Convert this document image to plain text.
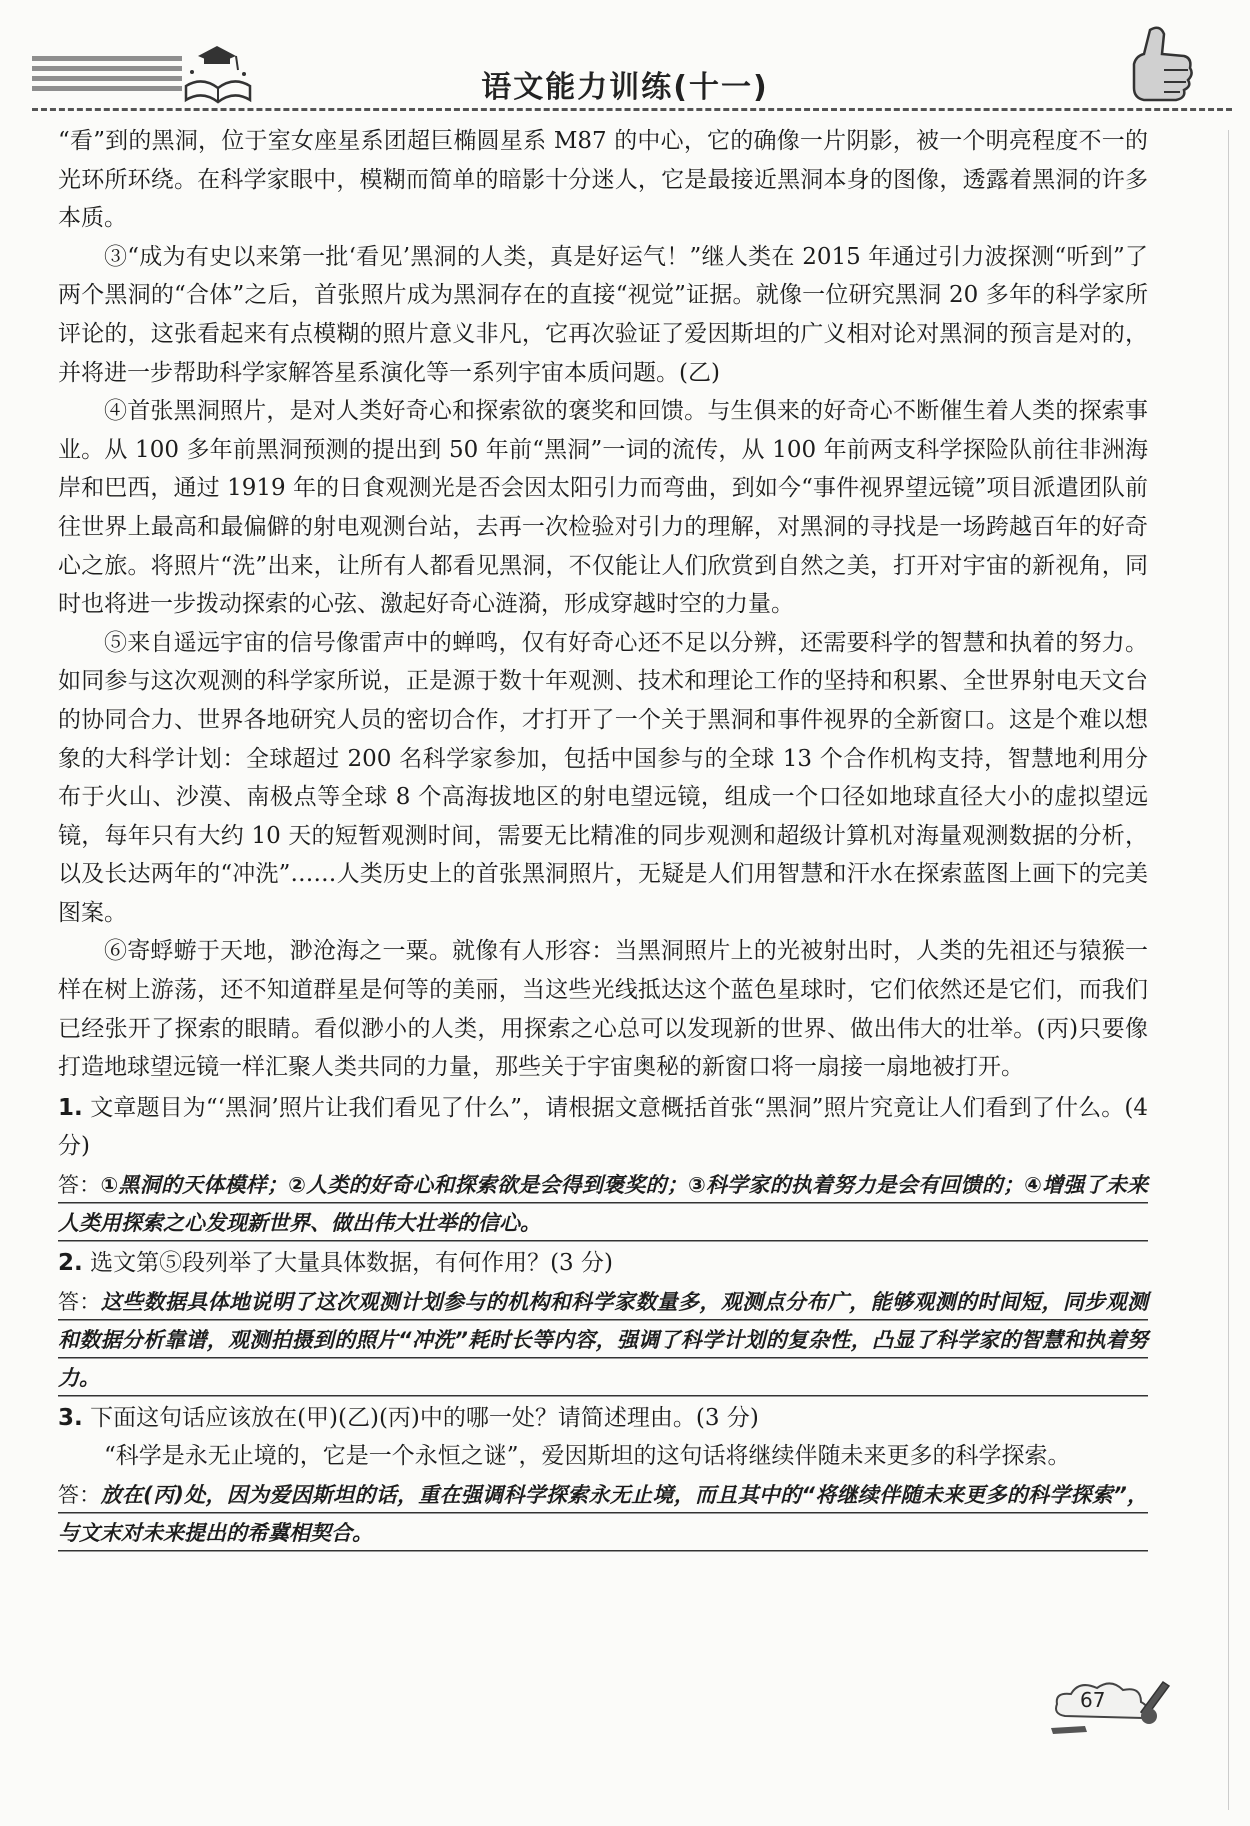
语文能力训练(十一)

“看”到的黑洞，位于室女座星系团超巨椭圆星系 M87 的中心，它的确像一片阴影，被一个明亮程度不一的光环所环绕。在科学家眼中，模糊而简单的暗影十分迷人，它是最接近黑洞本身的图像，透露着黑洞的许多本质。

③“成为有史以来第一批‘看见’黑洞的人类，真是好运气！”继人类在 2015 年通过引力波探测“听到”了两个黑洞的“合体”之后，首张照片成为黑洞存在的直接“视觉”证据。就像一位研究黑洞 20 多年的科学家所评论的，这张看起来有点模糊的照片意义非凡，它再次验证了爱因斯坦的广义相对论对黑洞的预言是对的，并将进一步帮助科学家解答星系演化等一系列宇宙本质问题。(乙)

④首张黑洞照片，是对人类好奇心和探索欲的褒奖和回馈。与生俱来的好奇心不断催生着人类的探索事业。从 100 多年前黑洞预测的提出到 50 年前“黑洞”一词的流传，从 100 年前两支科学探险队前往非洲海岸和巴西，通过 1919 年的日食观测光是否会因太阳引力而弯曲，到如今“事件视界望远镜”项目派遣团队前往世界上最高和最偏僻的射电观测台站，去再一次检验对引力的理解，对黑洞的寻找是一场跨越百年的好奇心之旅。将照片“洗”出来，让所有人都看见黑洞，不仅能让人们欣赏到自然之美，打开对宇宙的新视角，同时也将进一步拨动探索的心弦、激起好奇心涟漪，形成穿越时空的力量。

⑤来自遥远宇宙的信号像雷声中的蝉鸣，仅有好奇心还不足以分辨，还需要科学的智慧和执着的努力。如同参与这次观测的科学家所说，正是源于数十年观测、技术和理论工作的坚持和积累、全世界射电天文台的协同合力、世界各地研究人员的密切合作，才打开了一个关于黑洞和事件视界的全新窗口。这是个难以想象的大科学计划：全球超过 200 名科学家参加，包括中国参与的全球 13 个合作机构支持，智慧地利用分布于火山、沙漠、南极点等全球 8 个高海拔地区的射电望远镜，组成一个口径如地球直径大小的虚拟望远镜，每年只有大约 10 天的短暂观测时间，需要无比精准的同步观测和超级计算机对海量观测数据的分析，以及长达两年的“冲洗”……人类历史上的首张黑洞照片，无疑是人们用智慧和汗水在探索蓝图上画下的完美图案。

⑥寄蜉蝣于天地，渺沧海之一粟。就像有人形容：当黑洞照片上的光被射出时，人类的先祖还与猿猴一样在树上游荡，还不知道群星是何等的美丽，当这些光线抵达这个蓝色星球时，它们依然还是它们，而我们已经张开了探索的眼睛。看似渺小的人类，用探索之心总可以发现新的世界、做出伟大的壮举。(丙)只要像打造地球望远镜一样汇聚人类共同的力量，那些关于宇宙奥秘的新窗口将一扇接一扇地被打开。

1. 文章题目为“‘黑洞’照片让我们看见了什么”，请根据文意概括首张“黑洞”照片究竟让人们看到了什么。(4 分)

答：①黑洞的天体模样；②人类的好奇心和探索欲是会得到褒奖的；③科学家的执着努力是会有回馈的；④增强了未来人类用探索之心发现新世界、做出伟大壮举的信心。

2. 选文第⑤段列举了大量具体数据，有何作用？(3 分)

答：这些数据具体地说明了这次观测计划参与的机构和科学家数量多，观测点分布广，能够观测的时间短，同步观测和数据分析靠谱，观测拍摄到的照片“冲洗”耗时长等内容，强调了科学计划的复杂性，凸显了科学家的智慧和执着努力。

3. 下面这句话应该放在(甲)(乙)(丙)中的哪一处？请简述理由。(3 分)

“科学是永无止境的，它是一个永恒之谜”，爱因斯坦的这句话将继续伴随未来更多的科学探索。

答：放在(丙)处，因为爱因斯坦的话，重在强调科学探索永无止境，而且其中的“将继续伴随未来更多的科学探索”，与文末对未来提出的希冀相契合。

67
